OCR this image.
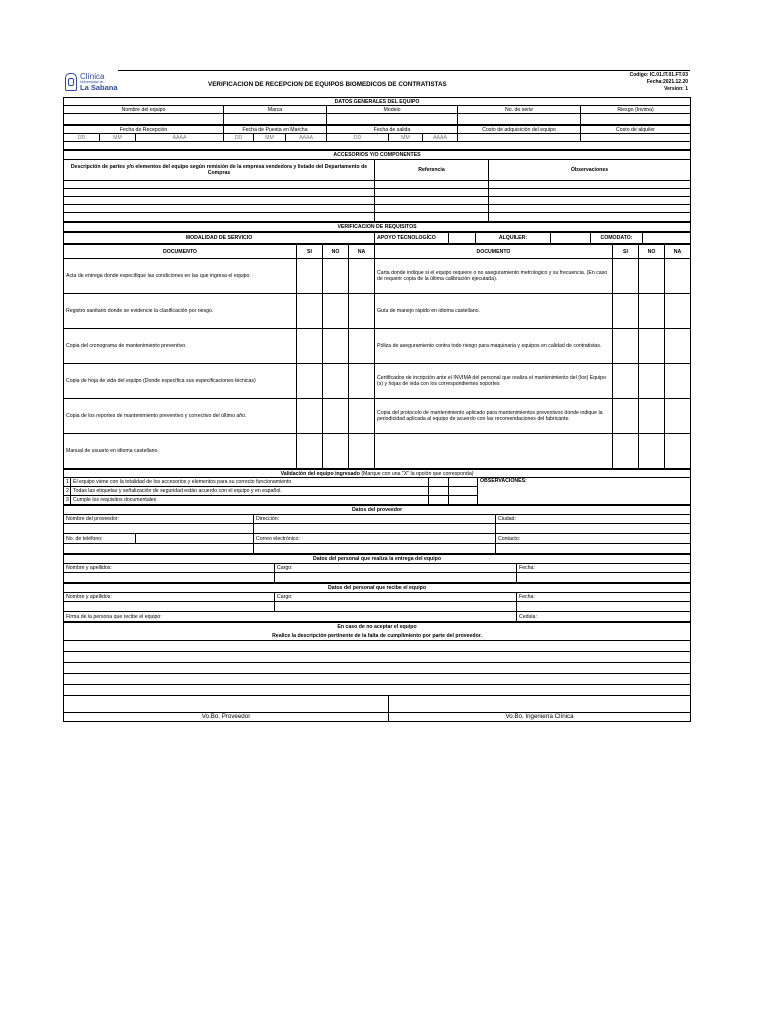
Clínica
Universidad de
La Sabana	VERIFICACION DE RECEPCION DE EQUIPOS BIOMEDICOS DE CONTRATISTAS
Codigo: IC.01.IT.01.FT.03
Fecha:2021.12.20
Version: 1
DATOS GENERALES DEL EQUIPO				
Nombre del equipo	Marca	Modelo	No. de serie	Riesgo (Invima)

Fecha de Recepción			Fecha de Puesta en Marcha			Fecha de salida			Costo de adquisición del equipo	Costo de alquiler
DD	MM	AAAA	DD	MM	AAAA	DD	MM	AAAA		

ACCESORIOS Y/O COMPONENTES		
Descripción de partes y/o elementos del equipo según remisión de la empresa vendedora y listado del Departamento de Compras	Referencia	Observaciones

VERIFICACION DE REQUISITOS
MODALIDAD DE SERVICIO	APOYO TECNOLOGÍCO		ALQUILER:		COMODATO:	
DOCUMENTO	SI	NO	NA	DOCUMENTO	SI	NO	NA
Acta de entrega donde especifique las condiciones en las que ingresa el equipo.				Carta donde indique si el equipo requiere o no aseguramiento metrologico y su frecuencia. (En caso de requerir copia de la última calibración ejecutada).			
Registro sanitario donde se evidencie la clasificación por riesgo.				Guía de manejo rápido en idioma castellano.			
Copia del cronograma de mantenimiento preventivo.				Póliza de aseguramiento contra todo riesgo para maquinaria y equipos en calidad de contratistas.			
Copia de hoja de vida del equipo (Donde especifica sus especificaciones técnicas)				Certificados de incripción ante el INVIMA del personal que realiza el mantenimiento del (los) Equipo (s) y hojas de vida con los correspondientes soportes			
Copia de los reportes de mantenimiento preventivo y correctivo del último año.				Copia del protocolo de mantenimiento aplicado para mantenimientos preventivos donde indique la periodicidad aplicada al equipo de acuerdo con las recomendaciones del fabricante.			
Manual de usuario en idioma castellano.							
Validación del equipo ingresado (Marque con una "X" la opción que corresponda)				
1	El equipo viene con la totalidad de los accesorios y elementos para su correcto funcionamiento			OBSERVACIONES:
2	Todas las etiquetas y señalización de seguridad están acuerdo con el equipo y en español.			
3	Cumple los requisitos documentales			
Datos del proveedor			
Nombre del proveedor:		Dirección:	Ciudad:

No. de teléfono:		Correo electrónico:	Contacto:

Datos del personal que realiza la entrega del equipo		
Nombre y apellidos:	Cargo:	Fecha:

Datos del personal que recibe el equipo		
Nombre y apellidos:	Cargo:	Fecha:

Firma de la persona que recibe el equipo:		Cedula:
En caso de no aceptar el equipo	
Realice la descripción pertinente de la falta de cumplimiento por parte del proveedor.	

Vo.Bo. Proveedor	Vo.Bo. Ingeniería Clínica
